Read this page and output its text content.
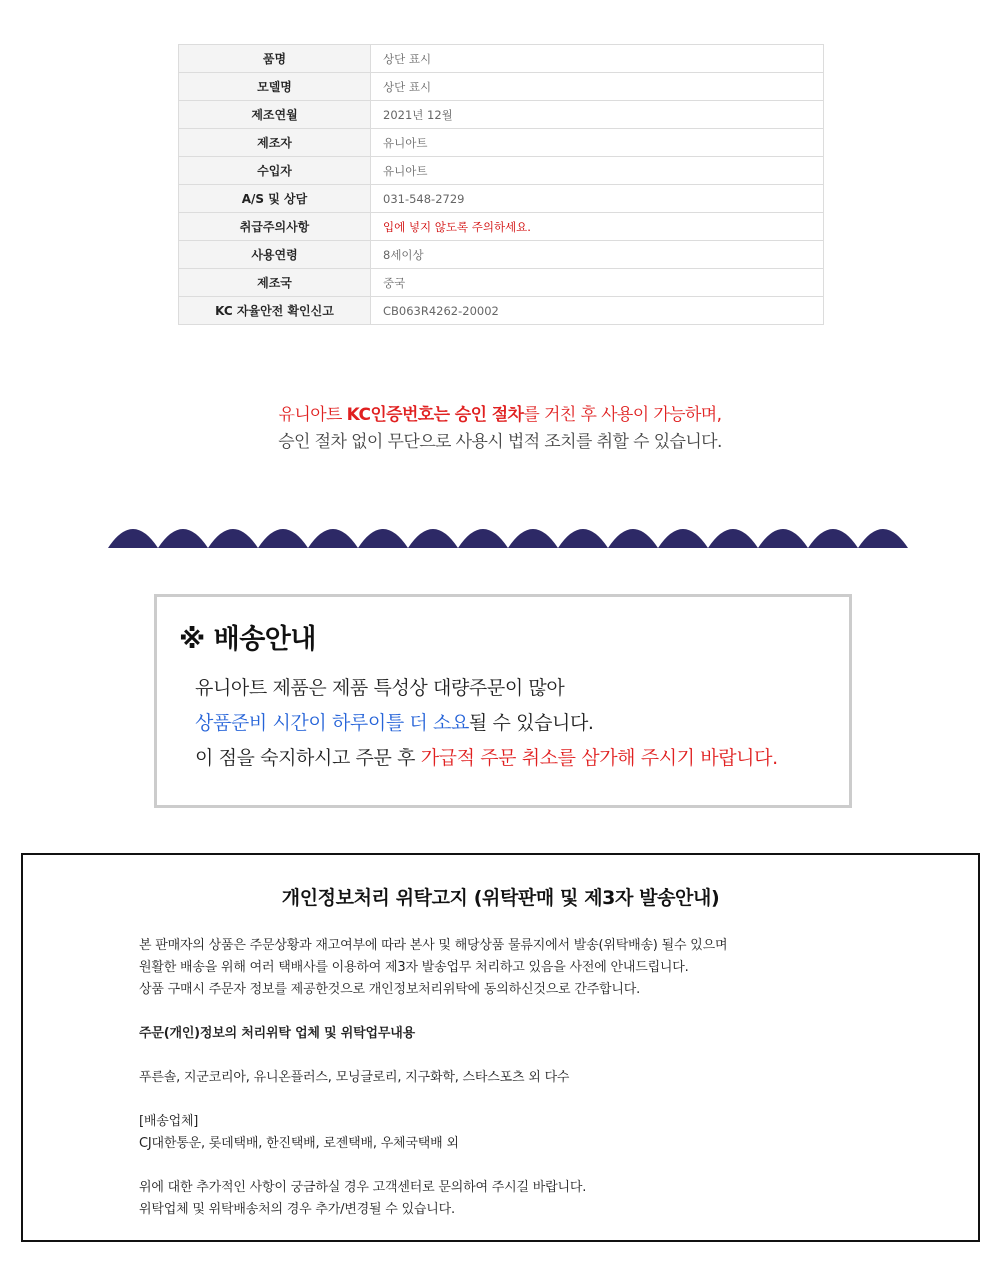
품명	상단 표시
모델명	상단 표시
제조연월	2021년 12월
제조자	유니아트
수입자	유니아트
A/S 및 상담	031-548-2729
취급주의사항	입에 넣지 않도록 주의하세요.
사용연령	8세이상
제조국	중국
KC 자율안전 확인신고	CB063R4262-20002
유니아트 KC인증번호는 승인 절차를 거친 후 사용이 가능하며,
승인 절차 없이 무단으로 사용시 법적 조치를 취할 수 있습니다.
※ 배송안내
유니아트 제품은 제품 특성상 대량주문이 많아
상품준비 시간이 하루이틀 더 소요될 수 있습니다.
이 점을 숙지하시고 주문 후 가급적 주문 취소를 삼가해 주시기 바랍니다.
개인정보처리 위탁고지 (위탁판매 및 제3자 발송안내)

본 판매자의 상품은 주문상황과 재고여부에 따라 본사 및 해당상품 물류지에서 발송(위탁배송) 될수 있으며

원활한 배송을 위해 여러 택배사를 이용하여 제3자 발송업무 처리하고 있음을 사전에 안내드립니다.

상품 구매시 주문자 정보를 제공한것으로 개인정보처리위탁에 동의하신것으로 간주합니다.

주문(개인)정보의 처리위탁 업체 및 위탁업무내용

푸른솔, 지군코리아, 유니온플러스, 모닝글로리, 지구화학, 스타스포츠 외 다수

[배송업체]

CJ대한통운, 롯데택배, 한진택배, 로젠택배, 우체국택배 외

위에 대한 추가적인 사항이 궁금하실 경우 고객센터로 문의하여 주시길 바랍니다.

위탁업체 및 위탁배송처의 경우 추가/변경될 수 있습니다.
